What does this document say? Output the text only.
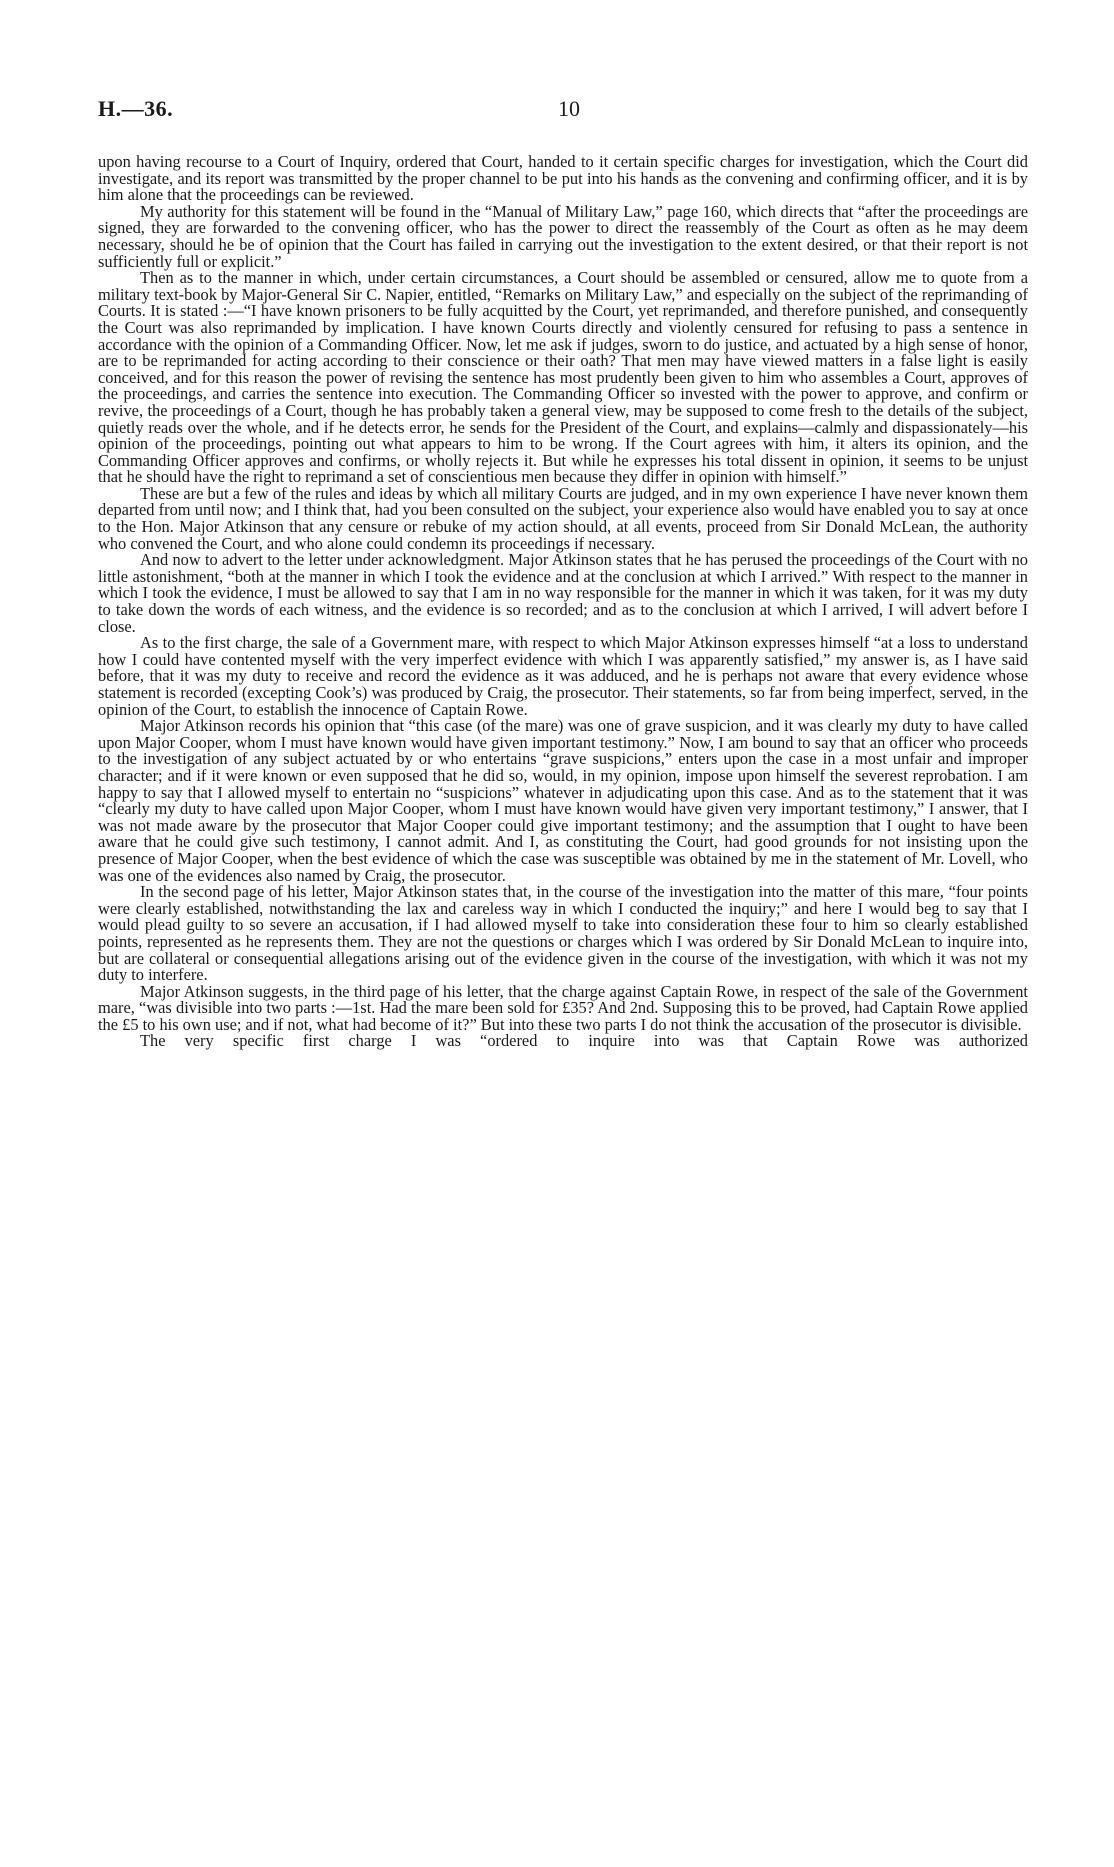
H.—36.	10

upon having recourse to a Court of Inquiry, ordered that Court, handed to it certain specific charges for investigation, which the Court did investigate, and its report was transmitted by the proper channel to be put into his hands as the convening and confirming officer, and it is by him alone that the proceedings can be reviewed.

My authority for this statement will be found in the “Manual of Military Law,” page 160, which directs that “after the proceedings are signed, they are forwarded to the convening officer, who has the power to direct the reassembly of the Court as often as he may deem necessary, should he be of opinion that the Court has failed in carrying out the investigation to the extent desired, or that their report is not sufficiently full or explicit.”

Then as to the manner in which, under certain circumstances, a Court should be assembled or censured, allow me to quote from a military text-book by Major-General Sir C. Napier, entitled, “Remarks on Military Law,” and especially on the subject of the reprimanding of Courts. It is stated :—“I have known prisoners to be fully acquitted by the Court, yet reprimanded, and therefore punished, and consequently the Court was also reprimanded by implication. I have known Courts directly and violently censured for refusing to pass a sentence in accordance with the opinion of a Commanding Officer. Now, let me ask if judges, sworn to do justice, and actuated by a high sense of honor, are to be reprimanded for acting according to their conscience or their oath? That men may have viewed matters in a false light is easily conceived, and for this reason the power of revising the sentence has most prudently been given to him who assembles a Court, approves of the proceedings, and carries the sentence into execution. The Commanding Officer so invested with the power to approve, and confirm or revive, the proceedings of a Court, though he has probably taken a general view, may be supposed to come fresh to the details of the subject, quietly reads over the whole, and if he detects error, he sends for the President of the Court, and explains—calmly and dispassionately—his opinion of the proceedings, pointing out what appears to him to be wrong. If the Court agrees with him, it alters its opinion, and the Commanding Officer approves and confirms, or wholly rejects it. But while he expresses his total dissent in opinion, it seems to be unjust that he should have the right to reprimand a set of conscientious men because they differ in opinion with himself.”

These are but a few of the rules and ideas by which all military Courts are judged, and in my own experience I have never known them departed from until now; and I think that, had you been consulted on the subject, your experience also would have enabled you to say at once to the Hon. Major Atkinson that any censure or rebuke of my action should, at all events, proceed from Sir Donald McLean, the authority who convened the Court, and who alone could condemn its proceedings if necessary.

And now to advert to the letter under acknowledgment. Major Atkinson states that he has perused the proceedings of the Court with no little astonishment, “both at the manner in which I took the evidence and at the conclusion at which I arrived.” With respect to the manner in which I took the evidence, I must be allowed to say that I am in no way responsible for the manner in which it was taken, for it was my duty to take down the words of each witness, and the evidence is so recorded; and as to the conclusion at which I arrived, I will advert before I close.

As to the first charge, the sale of a Government mare, with respect to which Major Atkinson expresses himself “at a loss to understand how I could have contented myself with the very imperfect evidence with which I was apparently satisfied,” my answer is, as I have said before, that it was my duty to receive and record the evidence as it was adduced, and he is perhaps not aware that every evidence whose statement is recorded (excepting Cook’s) was produced by Craig, the prosecutor. Their statements, so far from being imperfect, served, in the opinion of the Court, to establish the innocence of Captain Rowe.

Major Atkinson records his opinion that “this case (of the mare) was one of grave suspicion, and it was clearly my duty to have called upon Major Cooper, whom I must have known would have given important testimony.” Now, I am bound to say that an officer who proceeds to the investigation of any subject actuated by or who entertains “grave suspicions,” enters upon the case in a most unfair and improper character; and if it were known or even supposed that he did so, would, in my opinion, impose upon himself the severest reprobation. I am happy to say that I allowed myself to entertain no “suspicions” whatever in adjudicating upon this case. And as to the statement that it was “clearly my duty to have called upon Major Cooper, whom I must have known would have given very important testimony,” I answer, that I was not made aware by the prosecutor that Major Cooper could give important testimony; and the assumption that I ought to have been aware that he could give such testimony, I cannot admit. And I, as constituting the Court, had good grounds for not insisting upon the presence of Major Cooper, when the best evidence of which the case was susceptible was obtained by me in the statement of Mr. Lovell, who was one of the evidences also named by Craig, the prosecutor.

In the second page of his letter, Major Atkinson states that, in the course of the investigation into the matter of this mare, “four points were clearly established, notwithstanding the lax and careless way in which I conducted the inquiry;” and here I would beg to say that I would plead guilty to so severe an accusation, if I had allowed myself to take into consideration these four to him so clearly established points, represented as he represents them. They are not the questions or charges which I was ordered by Sir Donald McLean to inquire into, but are collateral or consequential allegations arising out of the evidence given in the course of the investigation, with which it was not my duty to interfere.

Major Atkinson suggests, in the third page of his letter, that the charge against Captain Rowe, in respect of the sale of the Government mare, “was divisible into two parts :—1st. Had the mare been sold for £35? And 2nd. Supposing this to be proved, had Captain Rowe applied the £5 to his own use; and if not, what had become of it?” But into these two parts I do not think the accusation of the prosecutor is divisible.

The very specific first charge I was “ordered to inquire into was that Captain Rowe was authorized
